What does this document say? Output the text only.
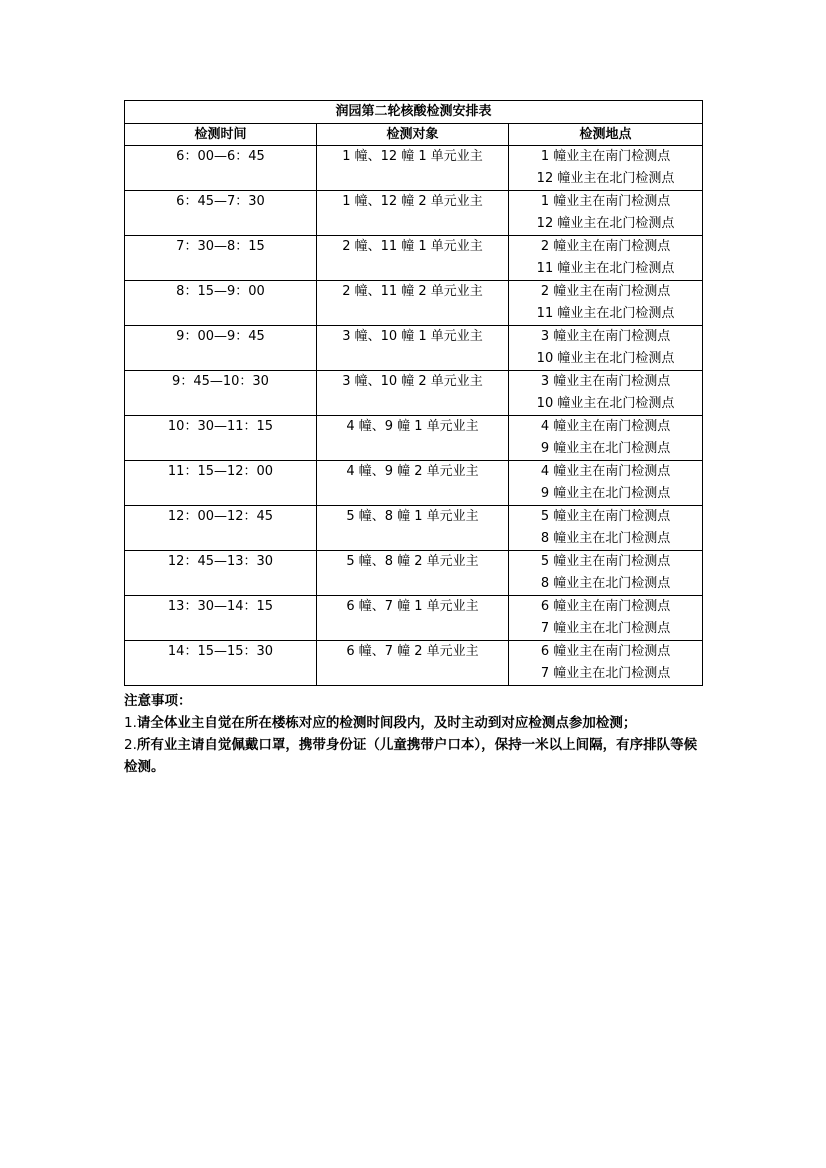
润园第二轮核酸检测安排表		
检测时间	检测对象	检测地点

6：00—6：45	1 幢、12 幢 1 单元业主	1 幢业主在南门检测点
12 幢业主在北门检测点

6：45—7：30	1 幢、12 幢 2 单元业主	1 幢业主在南门检测点
12 幢业主在北门检测点

7：30—8：15	2 幢、11 幢 1 单元业主	2 幢业主在南门检测点
11 幢业主在北门检测点

8：15—9：00	2 幢、11 幢 2 单元业主	2 幢业主在南门检测点
11 幢业主在北门检测点

9：00—9：45	3 幢、10 幢 1 单元业主	3 幢业主在南门检测点
10 幢业主在北门检测点

9：45—10：30	3 幢、10 幢 2 单元业主	3 幢业主在南门检测点
10 幢业主在北门检测点

10：30—11：15	4 幢、9 幢 1 单元业主	4 幢业主在南门检测点
9 幢业主在北门检测点

11：15—12：00	4 幢、9 幢 2 单元业主	4 幢业主在南门检测点
9 幢业主在北门检测点

12：00—12：45	5 幢、8 幢 1 单元业主	5 幢业主在南门检测点
8 幢业主在北门检测点

12：45—13：30	5 幢、8 幢 2 单元业主	5 幢业主在南门检测点
8 幢业主在北门检测点

13：30—14：15	6 幢、7 幢 1 单元业主	6 幢业主在南门检测点
7 幢业主在北门检测点

14：15—15：30	6 幢、7 幢 2 单元业主	6 幢业主在南门检测点
7 幢业主在北门检测点
注意事项：
1.请全体业主自觉在所在楼栋对应的检测时间段内，及时主动到对应检测点参加检测；
2.所有业主请自觉佩戴口罩，携带身份证（儿童携带户口本），保持一米以上间隔，有序排队等候检测。
